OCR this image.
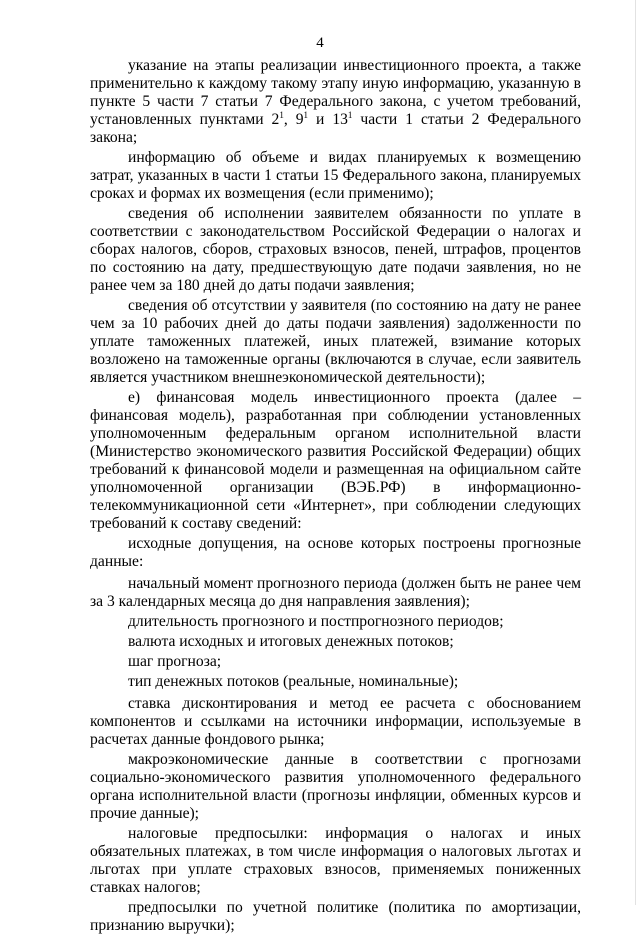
4

указание на этапы реализации инвестиционного проекта, а также применительно к каждому такому этапу иную информацию, указанную в пункте 5 части 7 статьи 7 Федерального закона, с учетом требований, установленных пунктами $2^1$, $9^1$ и $13^1$ части 1 статьи 2 Федерального закона;

информацию об объеме и видах планируемых к возмещению затрат, указанных в части 1 статьи 15 Федерального закона, планируемых сроках и формах их возмещения (если применимо);

сведения об исполнении заявителем обязанности по уплате в соответствии с законодательством Российской Федерации о налогах и сборах налогов, сборов, страховых взносов, пеней, штрафов, процентов по состоянию на дату, предшествующую дате подачи заявления, но не ранее чем за 180 дней до даты подачи заявления;

сведения об отсутствии у заявителя (по состоянию на дату не ранее чем за 10 рабочих дней до даты подачи заявления) задолженности по уплате таможенных платежей, иных платежей, взимание которых возложено на таможенные органы (включаются в случае, если заявитель является участником внешнеэкономической деятельности);

е) финансовая модель инвестиционного проекта (далее – финансовая модель), разработанная при соблюдении установленных уполномоченным федеральным органом исполнительной власти (Министерство экономического развития Российской Федерации) общих требований к финансовой модели и размещенная на официальном сайте уполномоченной организации (ВЭБ.РФ) в информационно- телекоммуникационной сети «Интернет», при соблюдении следующих требований к составу сведений:

исходные допущения, на основе которых построены прогнозные данные:

начальный момент прогнозного периода (должен быть не ранее чем за 3 календарных месяца до дня направления заявления);

длительность прогнозного и постпрогнозного периодов;

валюта исходных и итоговых денежных потоков;

шаг прогноза;

тип денежных потоков (реальные, номинальные);

ставка дисконтирования и метод ее расчета с обоснованием компонентов и ссылками на источники информации, используемые в расчетах данные фондового рынка;

макроэкономические данные в соответствии с прогнозами социально-экономического развития уполномоченного федерального органа исполнительной власти (прогнозы инфляции, обменных курсов и прочие данные);

налоговые предпосылки: информация о налогах и иных обязательных платежах, в том числе информация о налоговых льготах и льготах при уплате страховых взносов, применяемых пониженных ставках налогов;

предпосылки по учетной политике (политика по амортизации, признанию выручки);
